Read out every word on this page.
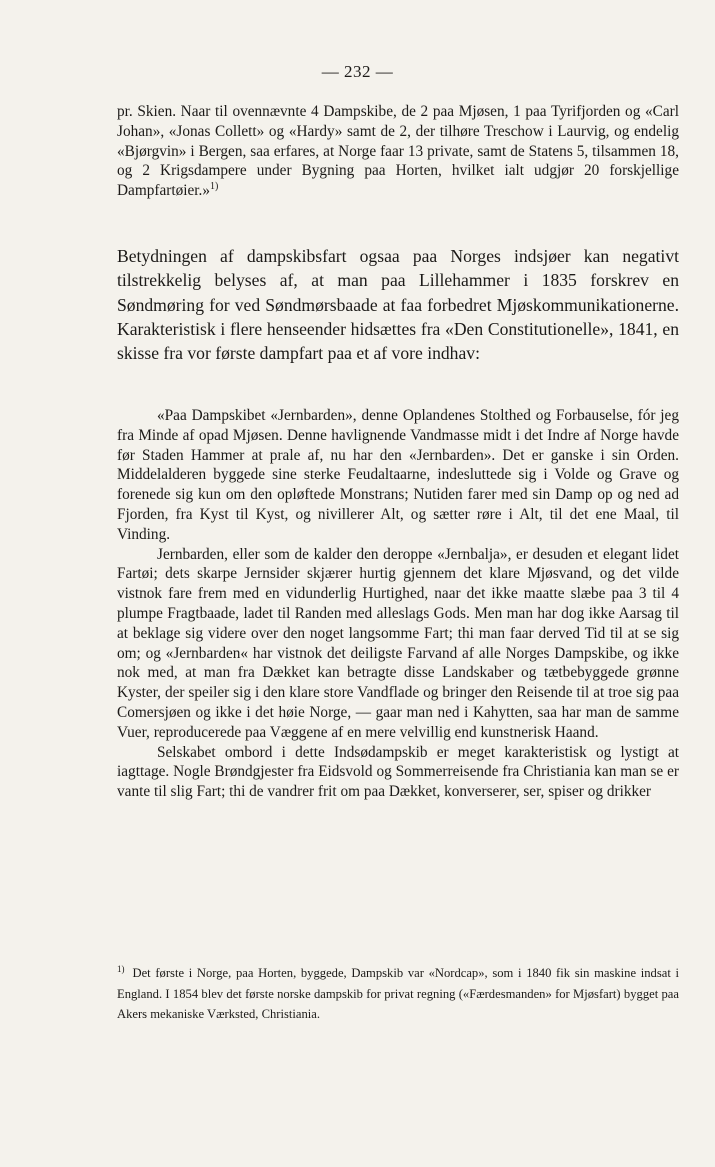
— 232 —

pr. Skien. Naar til ovennævnte 4 Dampskibe, de 2 paa Mjøsen, 1 paa Tyrifjorden og «Carl Johan», «Jonas Collett» og «Hardy» samt de 2, der tilhøre Treschow i Laurvig, og endelig «Bjørgvin» i Bergen, saa erfares, at Norge faar 13 private, samt de Statens 5, tilsammen 18, og 2 Krigsdampere under Bygning paa Horten, hvilket ialt udgjør 20 forskjellige Dampfartøier.»$^{1)}$

Betydningen af dampskibsfart ogsaa paa Norges indsjøer kan negativt tilstrekkelig belyses af, at man paa Lillehammer i 1835 forskrev en Søndmøring for ved Søndmørsbaade at faa forbedret Mjøskommunikationerne. Karakteristisk i flere henseender hidsættes fra «Den Constitutionelle», 1841, en skisse fra vor første dampfart paa et af vore indhav:

«Paa Dampskibet «Jernbarden», denne Oplandenes Stolthed og Forbauselse, fór jeg fra Minde af opad Mjøsen. Denne havlignende Vandmasse midt i det Indre af Norge havde før Staden Hammer at prale af, nu har den «Jernbarden». Det er ganske i sin Orden. Middelalderen byggede sine sterke Feudaltaarne, indesluttede sig i Volde og Grave og forenede sig kun om den opløftede Monstrans; Nutiden farer med sin Damp op og ned ad Fjorden, fra Kyst til Kyst, og nivillerer Alt, og sætter røre i Alt, til det ene Maal, til Vinding.

Jernbarden, eller som de kalder den deroppe «Jernbalja», er desuden et elegant lidet Fartøi; dets skarpe Jernsider skjærer hurtig gjennem det klare Mjøsvand, og det vilde vistnok fare frem med en vidunderlig Hurtighed, naar det ikke maatte slæbe paa 3 til 4 plumpe Fragtbaade, ladet til Randen med alleslags Gods. Men man har dog ikke Aarsag til at beklage sig videre over den noget langsomme Fart; thi man faar derved Tid til at se sig om; og «Jernbarden« har vistnok det deiligste Farvand af alle Norges Dampskibe, og ikke nok med, at man fra Dækket kan betragte disse Landskaber og tætbebyggede grønne Kyster, der speiler sig i den klare store Vandflade og bringer den Reisende til at troe sig paa Comersjøen og ikke i det høie Norge, — gaar man ned i Kahytten, saa har man de samme Vuer, reproducerede paa Væggene af en mere velvillig end kunstnerisk Haand.

Selskabet ombord i dette Indsødampskib er meget karakteristisk og lystigt at iagttage. Nogle Brøndgjester fra Eidsvold og Sommerreisende fra Christiania kan man se er vante til slig Fart; thi de vandrer frit om paa Dækket, konverserer, ser, spiser og drikker

$^{1)}$ Det første i Norge, paa Horten, byggede, Dampskib var «Nordcap», som i 1840 fik sin maskine indsat i England. I 1854 blev det første norske dampskib for privat regning («Færdesmanden» for Mjøsfart) bygget paa Akers mekaniske Værksted, Christiania.
